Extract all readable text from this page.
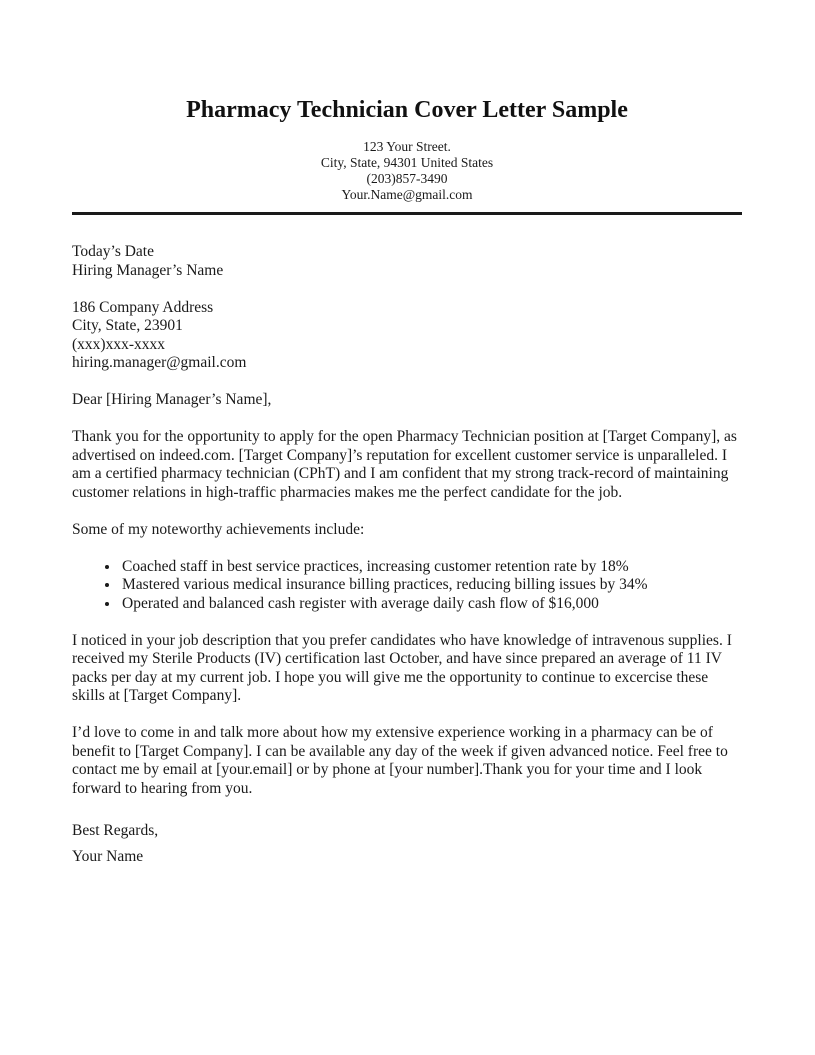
Pharmacy Technician Cover Letter Sample
123 Your Street.
City, State, 94301 United States
(203)857-3490
Your.Name@gmail.com
Today’s Date
Hiring Manager’s Name
186 Company Address
City, State, 23901
(xxx)xxx-xxxx
hiring.manager@gmail.com

Dear [Hiring Manager’s Name],

Thank you for the opportunity to apply for the open Pharmacy Technician position at [Target Company], as advertised on indeed.com. [Target Company]’s reputation for excellent customer service is unparalleled. I am a certified pharmacy technician (CPhT) and I am confident that my strong track-record of maintaining customer relations in high-traffic pharmacies makes me the perfect candidate for the job.

Some of my noteworthy achievements include:

• Coached staff in best service practices, increasing customer retention rate by 18%
• Mastered various medical insurance billing practices, reducing billing issues by 34%
• Operated and balanced cash register with average daily cash flow of $16,000

I noticed in your job description that you prefer candidates who have knowledge of intravenous supplies. I received my Sterile Products (IV) certification last October, and have since prepared an average of 11 IV packs per day at my current job. I hope you will give me the opportunity to continue to excercise these skills at [Target Company].

I’d love to come in and talk more about how my extensive experience working in a pharmacy can be of benefit to [Target Company]. I can be available any day of the week if given advanced notice. Feel free to contact me by email at [your.email] or by phone at [your number].Thank you for your time and I look forward to hearing from you.

Best Regards,

Your Name
